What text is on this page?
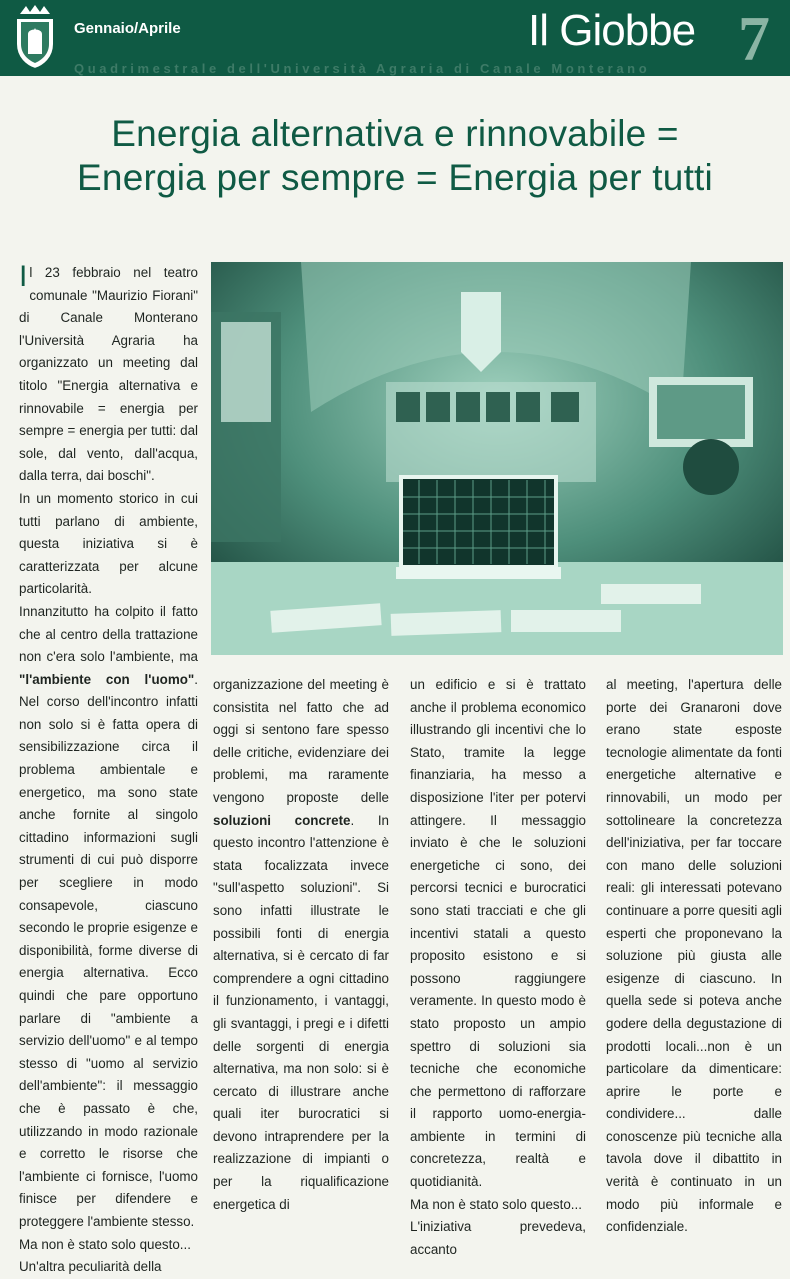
Gennaio/Aprile	Il Giobbe 7
Quadrimestrale dell'Università Agraria di Canale Monterano
Energia alternativa e rinnovabile =
Energia per sempre = Energia per tutti

Il 23 febbraio nel teatro comunale "Maurizio Fiorani" di Canale Monterano l'Università Agraria ha organizzato un meeting dal titolo "Energia alternativa e rinnovabile = energia per sempre = energia per tutti: dal sole, dal vento, dall'acqua, dalla terra, dai boschi".

In un momento storico in cui tutti parlano di ambiente, questa iniziativa si è caratterizzata per alcune particolarità.

Innanzitutto ha colpito il fatto che al centro della trattazione non c'era solo l'ambiente, ma "l'ambiente con l'uomo". Nel corso dell'incontro infatti non solo si è fatta opera di sensibilizzazione circa il problema ambientale e energetico, ma sono state anche fornite al singolo cittadino informazioni sugli strumenti di cui può disporre per scegliere in modo consapevole, ciascuno secondo le proprie esigenze e disponibilità, forme diverse di energia alternativa. Ecco quindi che pare opportuno parlare di "ambiente a servizio dell'uomo" e al tempo stesso di "uomo al servizio dell'ambiente": il messaggio che è passato è che, utilizzando in modo razionale e corretto le risorse che l'ambiente ci fornisce, l'uomo finisce per difendere e proteggere l'ambiente stesso.

Ma non è stato solo questo...

Un'altra peculiarità della

organizzazione del meeting è consistita nel fatto che ad oggi si sentono fare spesso delle critiche, evidenziare dei problemi, ma raramente vengono proposte delle soluzioni concrete. In questo incontro l'attenzione è stata focalizzata invece "sull'aspetto soluzioni". Si sono infatti illustrate le possibili fonti di energia alternativa, si è cercato di far comprendere a ogni cittadino il funzionamento, i vantaggi, gli svantaggi, i pregi e i difetti delle sorgenti di energia alternativa, ma non solo: si è cercato di illustrare anche quali iter burocratici si devono intraprendere per la realizzazione di impianti o per la riqualificazione energetica di

un edificio e si è trattato anche il problema economico illustrando gli incentivi che lo Stato, tramite la legge finanziaria, ha messo a disposizione l'iter per potervi attingere. Il messaggio inviato è che le soluzioni energetiche ci sono, dei percorsi tecnici e burocratici sono stati tracciati e che gli incentivi statali a questo proposito esistono e si possono raggiungere veramente. In questo modo è stato proposto un ampio spettro di soluzioni sia tecniche che economiche che permettono di rafforzare il rapporto uomo-energia-ambiente in termini di concretezza, realtà e quotidianità.

Ma non è stato solo questo...

L'iniziativa prevedeva, accanto

al meeting, l'apertura delle porte dei Granaroni dove erano state esposte tecnologie alimentate da fonti energetiche alternative e rinnovabili, un modo per sottolineare la concretezza dell'iniziativa, per far toccare con mano delle soluzioni reali: gli interessati potevano continuare a porre quesiti agli esperti che proponevano la soluzione più giusta alle esigenze di ciascuno. In quella sede si poteva anche godere della degustazione di prodotti locali...non è un particolare da dimenticare: aprire le porte e condividere... dalle conoscenze più tecniche alla tavola dove il dibattito in verità è continuato in un modo più informale e confidenziale.
